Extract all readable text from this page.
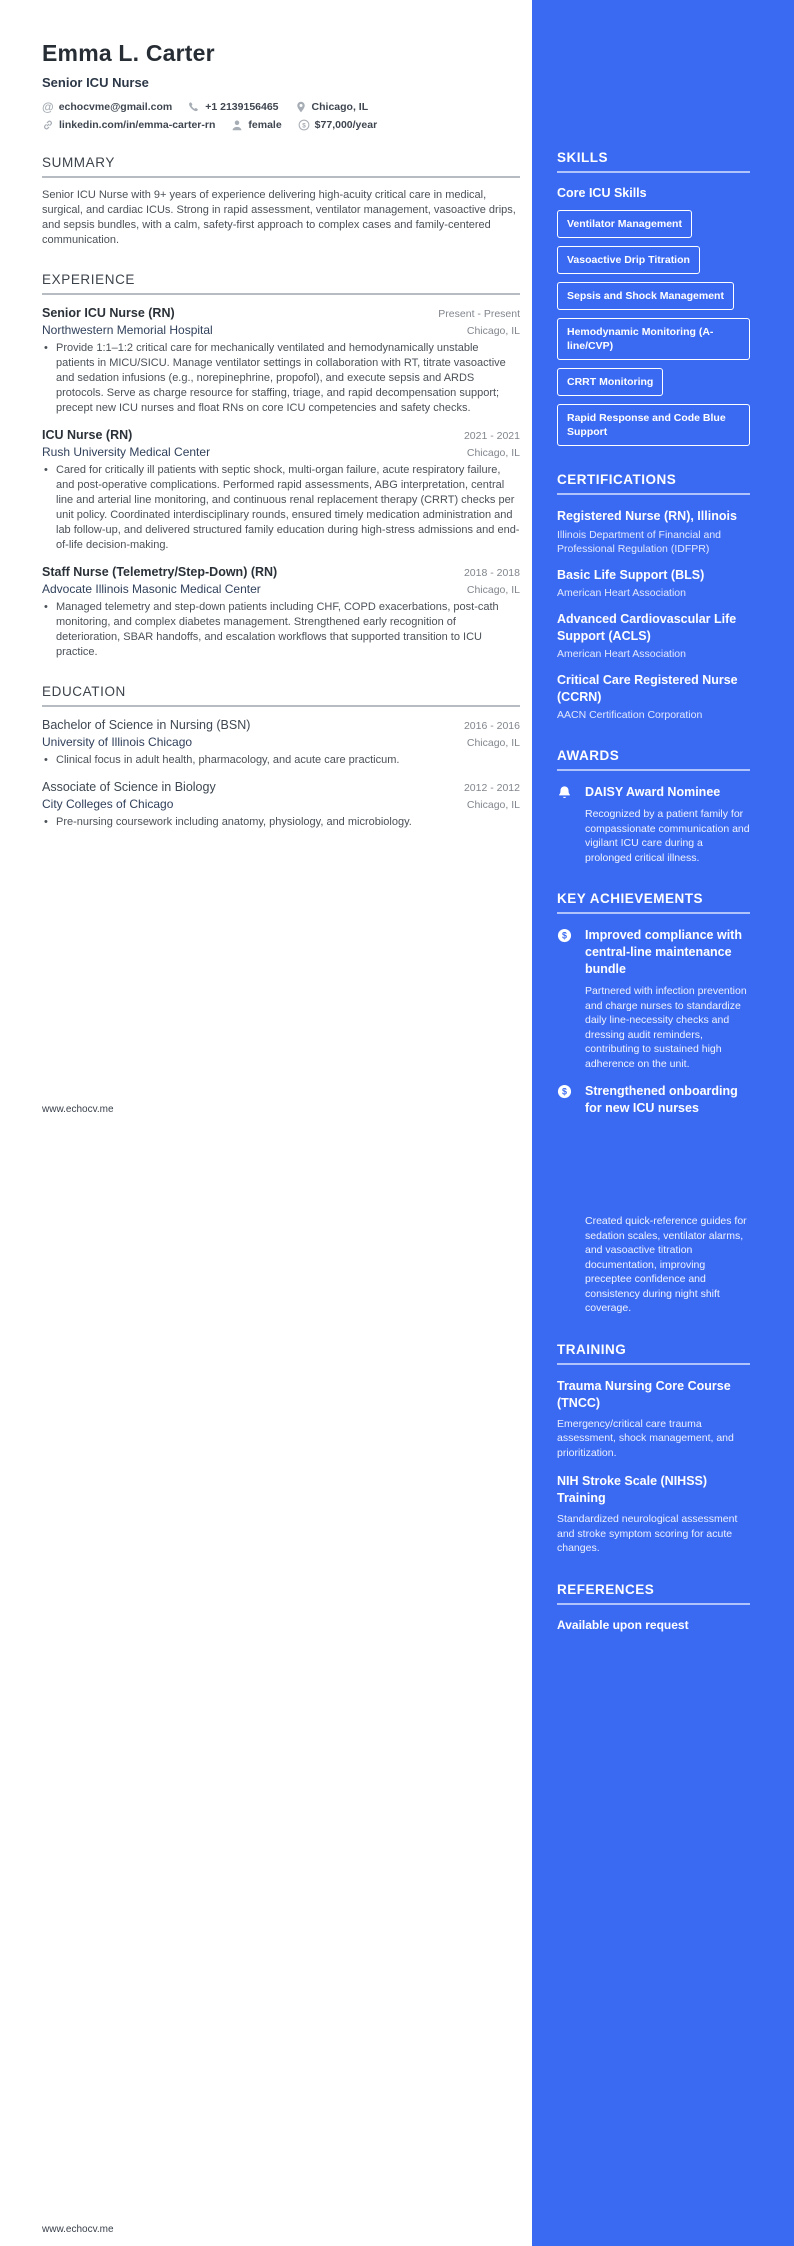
Emma L. Carter
Senior ICU Nurse
@ echocvme@gmail.com	+1 2139156465	Chicago, IL
linkedin.com/in/emma-carter-rn	female $ $77,000/year
SUMMARY

Senior ICU Nurse with 9+ years of experience delivering high-acuity critical care in medical, surgical, and cardiac ICUs. Strong in rapid assessment, ventilator management, vasoactive drips, and sepsis bundles, with a calm, safety-first approach to complex cases and family-centered communication.

EXPERIENCE
Senior ICU Nurse (RN)	Present - Present
Northwestern Memorial Hospital	Chicago, IL
• Provide 1:1–1:2 critical care for mechanically ventilated and hemodynamically unstable patients in MICU/SICU. Manage ventilator settings in collaboration with RT, titrate vasoactive and sedation infusions (e.g., norepinephrine, propofol), and execute sepsis and ARDS protocols. Serve as charge resource for staffing, triage, and rapid decompensation support; precept new ICU nurses and float RNs on core ICU competencies and safety checks.
ICU Nurse (RN)	2021 - 2021
Rush University Medical Center	Chicago, IL
• Cared for critically ill patients with septic shock, multi-organ failure, acute respiratory failure, and post-operative complications. Performed rapid assessments, ABG interpretation, central line and arterial line monitoring, and continuous renal replacement therapy (CRRT) checks per unit policy. Coordinated interdisciplinary rounds, ensured timely medication administration and lab follow-up, and delivered structured family education during high-stress admissions and end-of-life decision-making.
Staff Nurse (Telemetry/Step-Down) (RN)	2018 - 2018
Advocate Illinois Masonic Medical Center	Chicago, IL
• Managed telemetry and step-down patients including CHF, COPD exacerbations, post-cath monitoring, and complex diabetes management. Strengthened early recognition of deterioration, SBAR handoffs, and escalation workflows that supported transition to ICU practice.
EDUCATION
Bachelor of Science in Nursing (BSN)	2016 - 2016
University of Illinois Chicago	Chicago, IL
• Clinical focus in adult health, pharmacology, and acute care practicum.
Associate of Science in Biology	2012 - 2012
City Colleges of Chicago	Chicago, IL
• Pre-nursing coursework including anatomy, physiology, and microbiology.
www.echocv.me
www.echocv.me
SKILLS
Core ICU Skills
Ventilator Management
Vasoactive Drip Titration
Sepsis and Shock Management
Hemodynamic Monitoring (A-line/CVP)
CRRT Monitoring
Rapid Response and Code Blue Support
CERTIFICATIONS
Registered Nurse (RN), Illinois
Illinois Department of Financial and Professional Regulation (IDFPR)
Basic Life Support (BLS)
American Heart Association
Advanced Cardiovascular Life Support (ACLS)
American Heart Association
Critical Care Registered Nurse (CCRN)
AACN Certification Corporation
AWARDS
DAISY Award Nominee
Recognized by a patient family for compassionate communication and vigilant ICU care during a prolonged critical illness.
KEY ACHIEVEMENTS
$ Improved compliance with central-line maintenance bundle
Partnered with infection prevention and charge nurses to standardize daily line-necessity checks and dressing audit reminders, contributing to sustained high adherence on the unit.
$ Strengthened onboarding for new ICU nurses
Created quick-reference guides for sedation scales, ventilator alarms, and vasoactive titration documentation, improving preceptee confidence and consistency during night shift coverage.
TRAINING
Trauma Nursing Core Course (TNCC)
Emergency/critical care trauma assessment, shock management, and prioritization.
NIH Stroke Scale (NIHSS) Training
Standardized neurological assessment and stroke symptom scoring for acute changes.
REFERENCES
Available upon request
